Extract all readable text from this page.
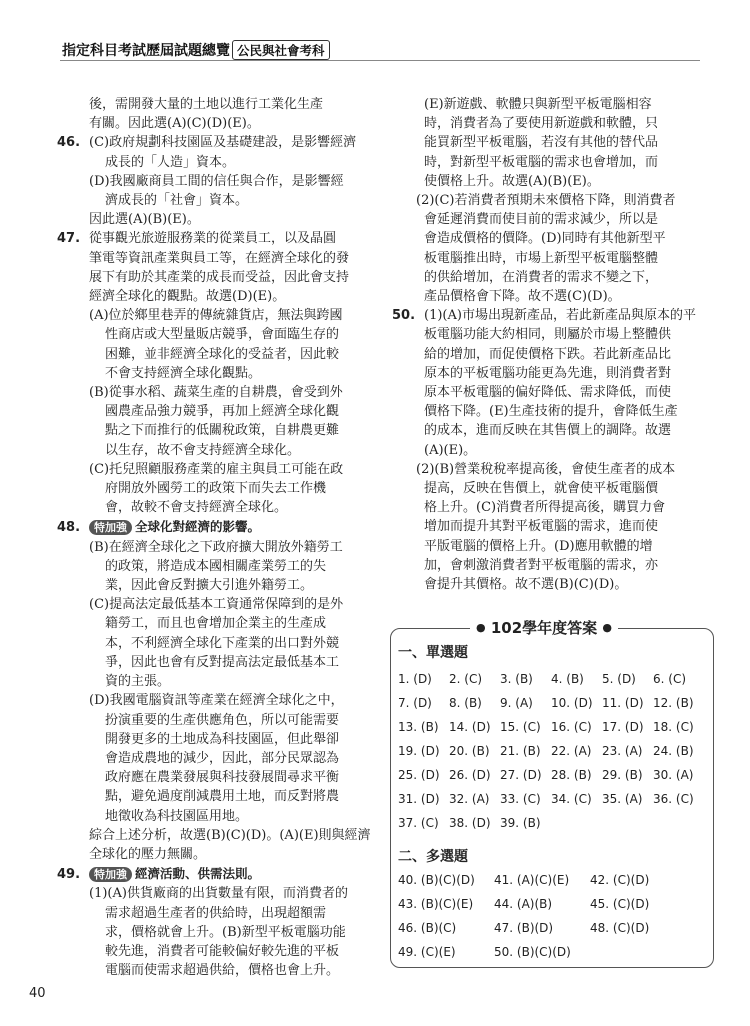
指定科目考試歷屆試題總覽 公民與社會考科
後，需開發大量的土地以進行工業化生產
有關。因此選(A)(C)(D)(E)。
46. (C)政府規劃科技園區及基礎建設，是影響經濟
成長的「人造」資本。
(D)我國廠商員工間的信任與合作，是影響經
濟成長的「社會」資本。
因此選(A)(B)(E)。
47. 從事觀光旅遊服務業的從業員工，以及晶圓
筆電等資訊產業與員工等，在經濟全球化的發
展下有助於其產業的成長而受益，因此會支持
經濟全球化的觀點。故選(D)(E)。
(A)位於鄉里巷弄的傳統雜貨店，無法與跨國
性商店或大型量販店競爭，會面臨生存的
困難，並非經濟全球化的受益者，因此較
不會支持經濟全球化觀點。
(B)從事水稻、蔬菜生產的自耕農，會受到外
國農產品強力競爭，再加上經濟全球化觀
點之下而推行的低關稅政策，自耕農更難
以生存，故不會支持經濟全球化。
(C)托兒照顧服務產業的雇主與員工可能在政
府開放外國勞工的政策下而失去工作機
會，故較不會支持經濟全球化。
48. 特加強 全球化對經濟的影響。
(B)在經濟全球化之下政府擴大開放外籍勞工
的政策，將造成本國相關產業勞工的失
業，因此會反對擴大引進外籍勞工。
(C)提高法定最低基本工資通常保障到的是外
籍勞工，而且也會增加企業主的生產成
本，不利經濟全球化下產業的出口對外競
爭，因此也會有反對提高法定最低基本工
資的主張。
(D)我國電腦資訊等產業在經濟全球化之中，
扮演重要的生產供應角色，所以可能需要
開發更多的土地成為科技園區，但此舉卻
會造成農地的減少，因此，部分民眾認為
政府應在農業發展與科技發展間尋求平衡
點，避免過度削減農用土地，而反對將農
地徵收為科技園區用地。
綜合上述分析，故選(B)(C)(D)。(A)(E)則與經濟
全球化的壓力無關。
49. 特加強 經濟活動、供需法則。
(1)(A)供貨廠商的出貨數量有限，而消費者的
需求超過生產者的供給時，出現超額需
求，價格就會上升。(B)新型平板電腦功能
較先進，消費者可能較偏好較先進的平板
電腦而使需求超過供給，價格也會上升。
(E)新遊戲、軟體只與新型平板電腦相容
時，消費者為了要使用新遊戲和軟體，只
能買新型平板電腦，若沒有其他的替代品
時，對新型平板電腦的需求也會增加，而
使價格上升。故選(A)(B)(E)。
(2)(C)若消費者預期未來價格下降，則消費者
會延遲消費而使目前的需求減少，所以是
會造成價格的價降。(D)同時有其他新型平
板電腦推出時，市場上新型平板電腦整體
的供給增加，在消費者的需求不變之下，
產品價格會下降。故不選(C)(D)。
50. (1)(A)市場出現新產品，若此新產品與原本的平
板電腦功能大約相同，則屬於市場上整體供
給的增加，而促使價格下跌。若此新產品比
原本的平板電腦功能更為先進，則消費者對
原本平板電腦的偏好降低、需求降低，而使
價格下降。(E)生產技術的提升，會降低生產
的成本，進而反映在其售價上的調降。故選
(A)(E)。
(2)(B)營業稅稅率提高後，會使生產者的成本
提高，反映在售價上，就會使平板電腦價
格上升。(C)消費者所得提高後，購買力會
增加而提升其對平板電腦的需求，進而使
平版電腦的價格上升。(D)應用軟體的增
加，會刺激消費者對平板電腦的需求，亦
會提升其價格。故不選(B)(C)(D)。
● 102學年度答案 ●
一、單選題
1. (D) 2. (C) 3. (B) 4. (B) 5. (D) 6. (C)
7. (D) 8. (B) 9. (A) 10. (D) 11. (D) 12. (B)
13. (B) 14. (D) 15. (C) 16. (C) 17. (D) 18. (C)
19. (D) 20. (B) 21. (B) 22. (A) 23. (A) 24. (B)
25. (D) 26. (D) 27. (D) 28. (B) 29. (B) 30. (A)
31. (D) 32. (A) 33. (C) 34. (C) 35. (A) 36. (C)
37. (C) 38. (D) 39. (B)
二、多選題
40. (B)(C)(D) 41. (A)(C)(E) 42. (C)(D)
43. (B)(C)(E) 44. (A)(B)	45. (C)(D)
46. (B)(C)	47. (B)(D)	48. (C)(D)
49. (C)(E)	50. (B)(C)(D)
40
